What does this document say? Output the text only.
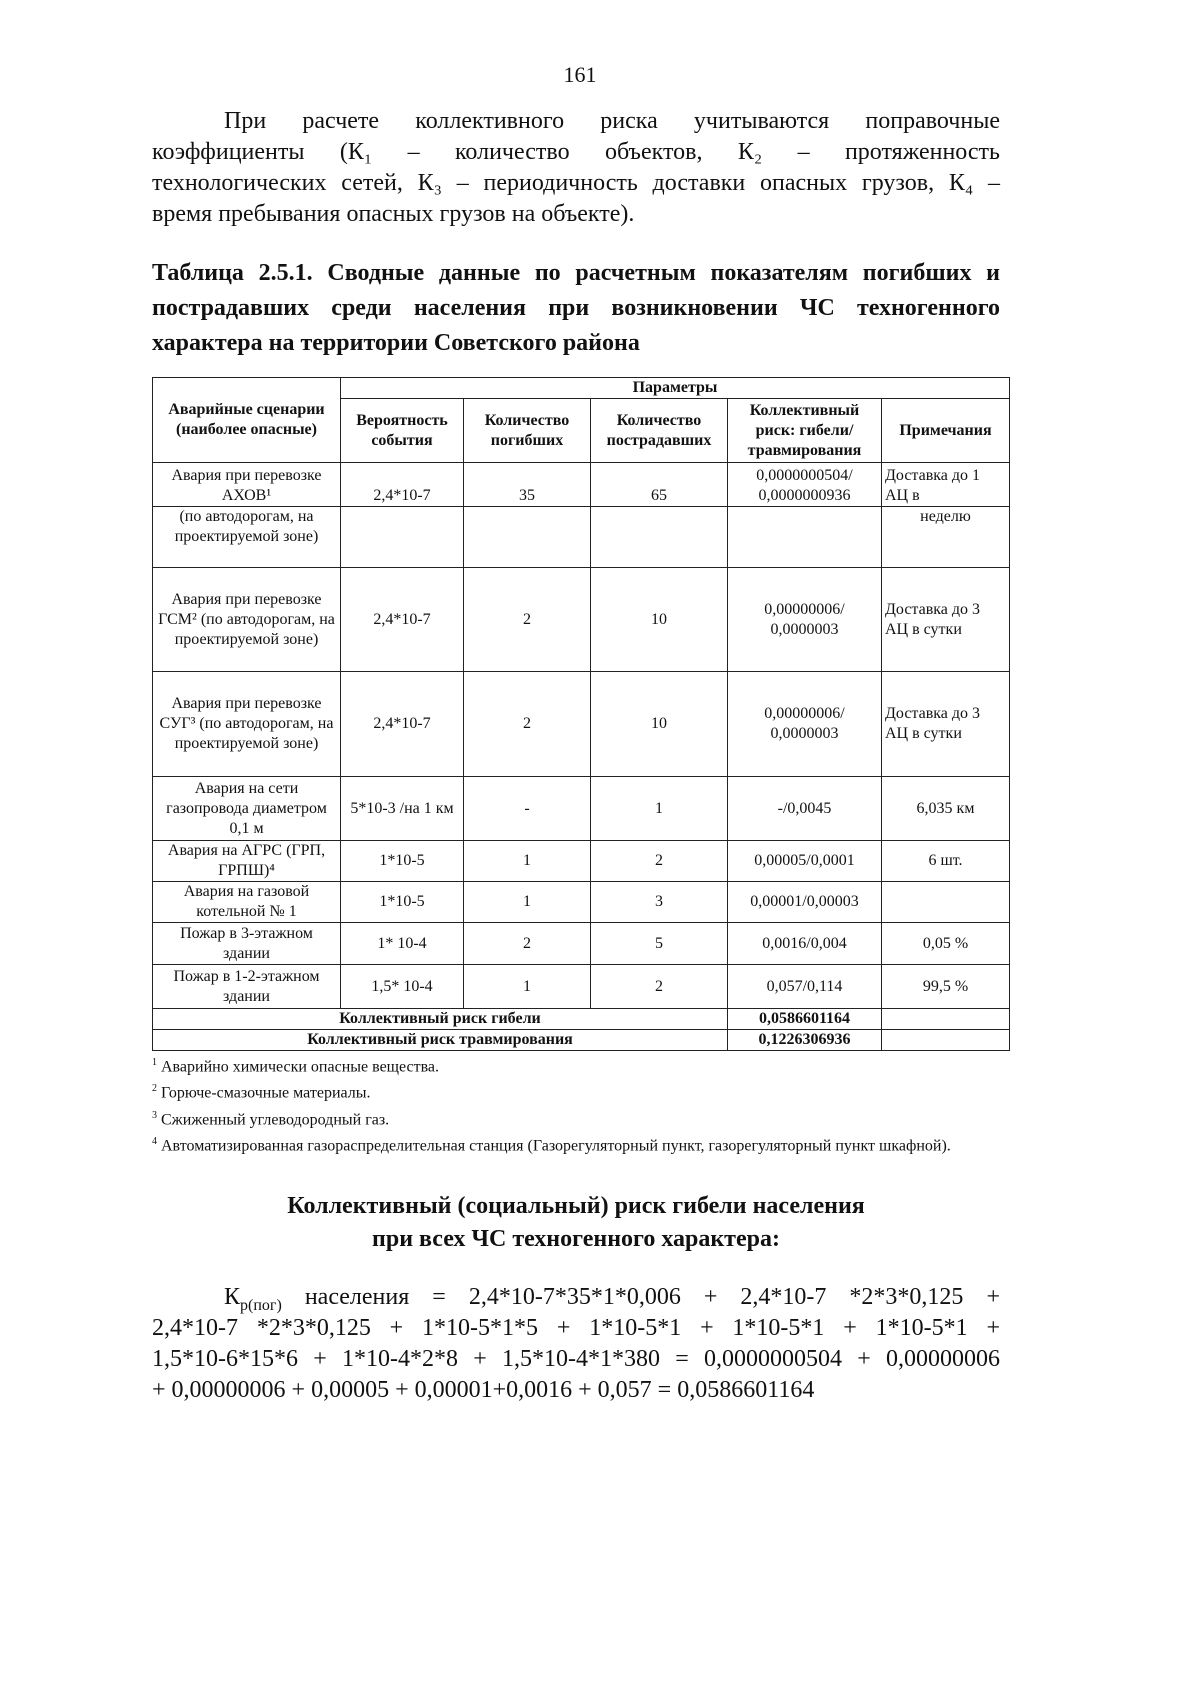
161
При расчете коллективного риска учитываются поправочные
коэффициенты (К₁ – количество объектов, К₂ – протяженность
технологических сетей, К₃ – периодичность доставки опасных грузов, К₄ –
время пребывания опасных грузов на объекте).
Таблица 2.5.1. Сводные данные по расчетным показателям погибших и
пострадавших среди населения при возникновении ЧС техногенного
характера на территории Советского района
Аварийные сценарии (наиболее опасные)	Параметры				
	Вероятность события	Количество погибших	Количество пострадавших	Коллективный риск: гибели/ травмирования	Примечания
Авария при перевозке АХОВ¹	2,4*10-7	35	65	0,0000000504/ 0,0000000936	Доставка до 1 АЦ в
(по автодорогам, на проектируемой зоне)					неделю
Авария при перевозке ГСМ² (по автодорогам, на проектируемой зоне)	2,4*10-7	2	10	0,00000006/ 0,0000003	Доставка до 3 АЦ в сутки
Авария при перевозке СУГ³ (по автодорогам, на проектируемой зоне)	2,4*10-7	2	10	0,00000006/ 0,0000003	Доставка до 3 АЦ в сутки
Авария на сети газопровода диаметром 0,1 м	5*10-3 /на 1 км	-	1	-/0,0045	6,035 км
Авария на АГРС (ГРП, ГРПШ)⁴	1*10-5	1	2	0,00005/0,0001	6 шт.
Авария на газовой котельной № 1	1*10-5	1	3	0,00001/0,00003	
Пожар в 3-этажном здании	1* 10-4	2	5	0,0016/0,004	0,05 %
Пожар в 1-2-этажном здании	1,5* 10-4	1	2	0,057/0,114	99,5 %
Коллективный риск гибели				0,0586601164	
Коллективный риск травмирования				0,1226306936	
$^1$ Аварийно химически опасные вещества.
$^2$ Горюче-смазочные материалы.
$^3$ Сжиженный углеводородный газ.
$^4$ Автоматизированная газораспределительная станция (Газорегуляторный пункт, газорегуляторный пункт шкафной).
Коллективный (социальный) риск гибели населения
при всех ЧС техногенного характера:
$К_{р(пог)}$ населения = 2,4*10-7*35*1*0,006 + 2,4*10-7 *2*3*0,125 +
2,4*10-7 *2*3*0,125 + 1*10-5*1*5 + 1*10-5*1 + 1*10-5*1 + 1*10-5*1 +
1,5*10-6*15*6 + 1*10-4*2*8 + 1,5*10-4*1*380 = 0,0000000504 + 0,00000006
+ 0,00000006 + 0,00005 + 0,00001+0,0016 + 0,057 = 0,0586601164
